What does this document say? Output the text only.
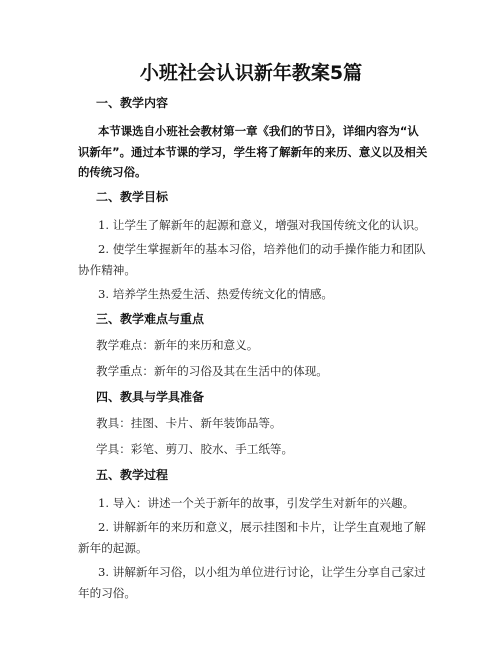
小班社会认识新年教案5篇
一、教学内容
本节课选自小班社会教材第一章《我们的节日》，详细内容为“认识新年”。通过本节课的学习，学生将了解新年的来历、意义以及相关的传统习俗。
二、教学目标
1. 让学生了解新年的起源和意义，增强对我国传统文化的认识。
2. 使学生掌握新年的基本习俗，培养他们的动手操作能力和团队协作精神。
3. 培养学生热爱生活、热爱传统文化的情感。
三、教学难点与重点
教学难点：新年的来历和意义。
教学重点：新年的习俗及其在生活中的体现。
四、教具与学具准备
教具：挂图、卡片、新年装饰品等。
学具：彩笔、剪刀、胶水、手工纸等。
五、教学过程
1. 导入：讲述一个关于新年的故事，引发学生对新年的兴趣。
2. 讲解新年的来历和意义，展示挂图和卡片，让学生直观地了解新年的起源。
3. 讲解新年习俗，以小组为单位进行讨论，让学生分享自己家过年的习俗。
